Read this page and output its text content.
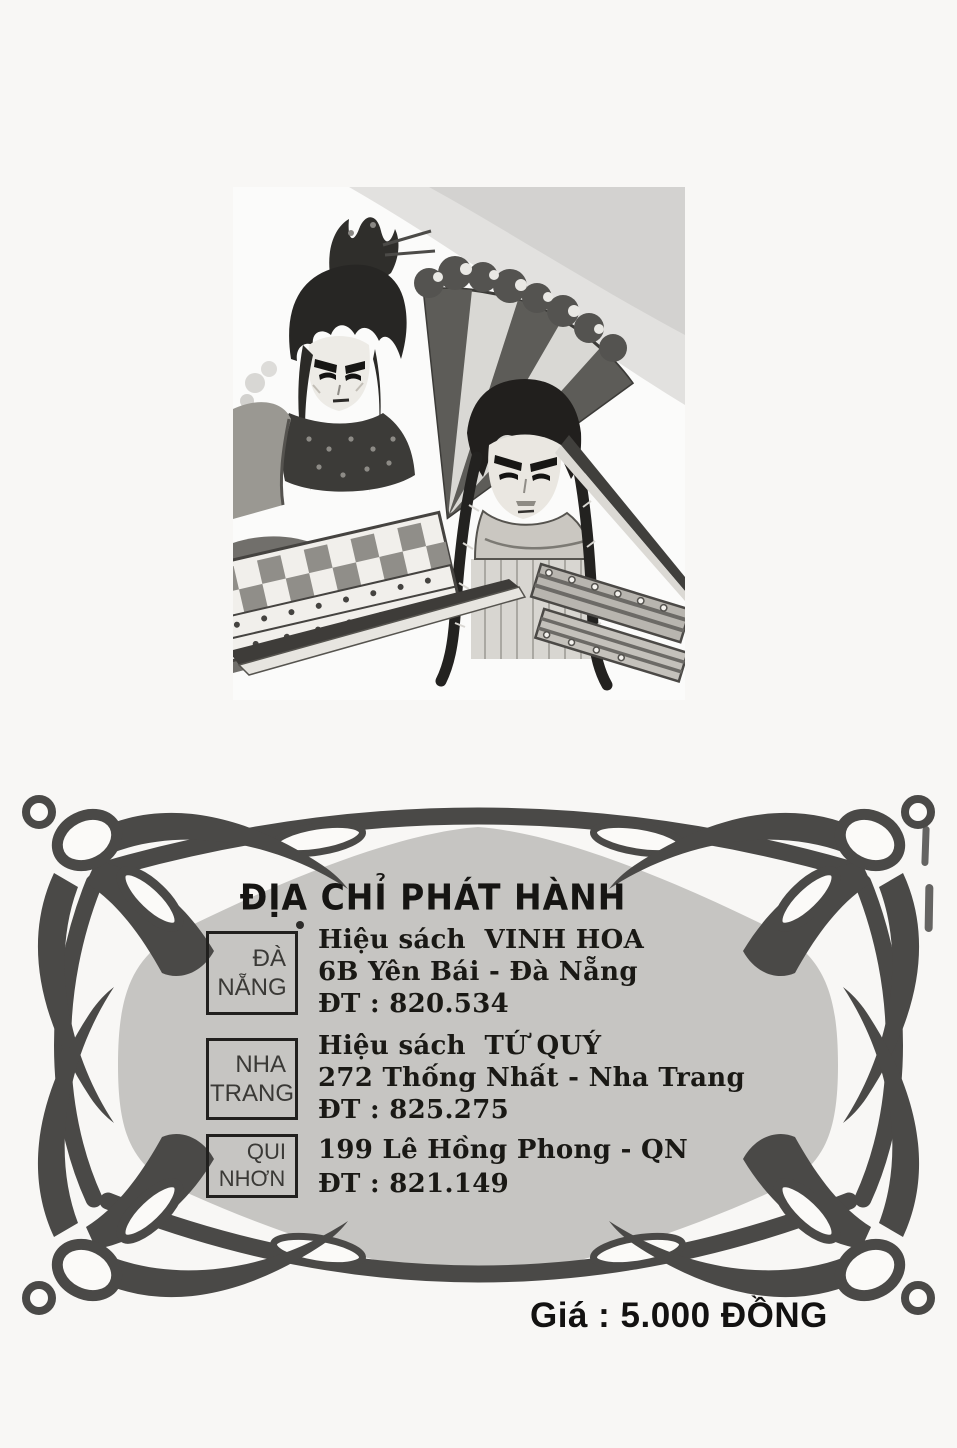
ĐỊA CHỈ PHÁT HÀNH
ĐÀ
NẴNG
Hiệu sách  VINH HOA
6B Yên Bái - Đà Nẵng
ĐT : 820.534
NHA
TRANG
Hiệu sách  TỨ QUÝ
272 Thống Nhất - Nha Trang
ĐT : 825.275
QUI
NHƠN
199 Lê Hồng Phong - QN
ĐT : 821.149
Giá : 5.000 ĐỒNG
